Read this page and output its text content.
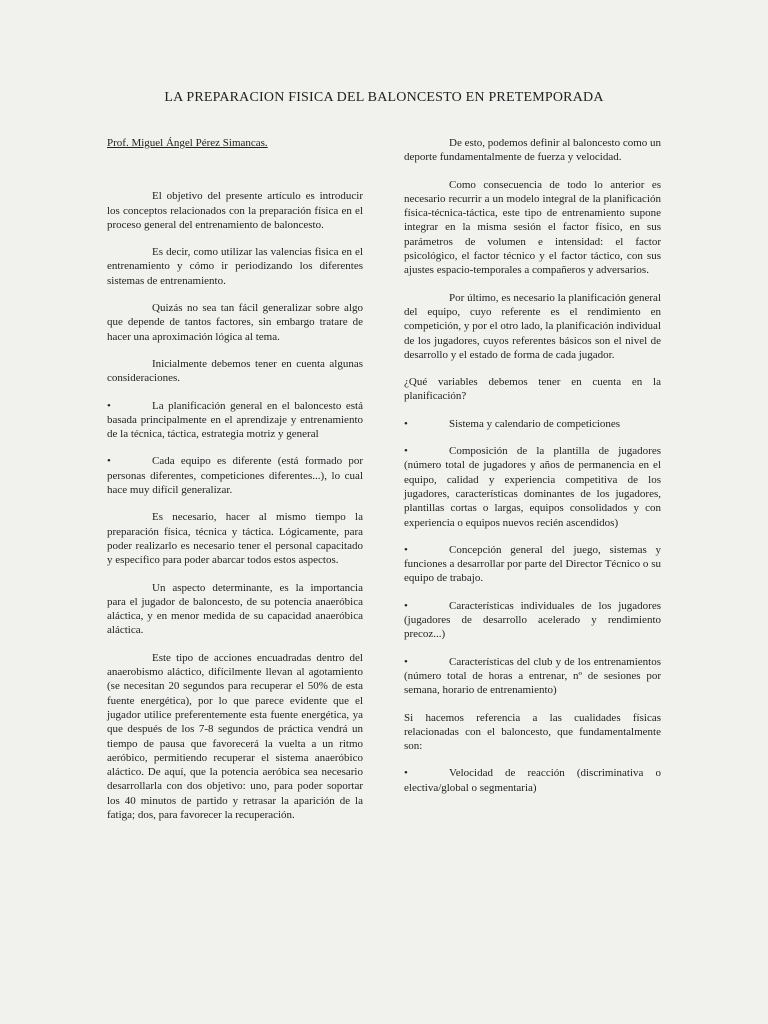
LA PREPARACION FISICA DEL BALONCESTO EN PRETEMPORADA

Prof. Miguel Ángel Pérez Simancas.

El objetivo del presente artículo es introducir los conceptos relacionados con la preparación física en el proceso general del entrenamiento de baloncesto.

Es decir, como utilizar las valencias fisica en el entrenamiento y cómo ir periodizando los diferentes sistemas de entrenamiento.

Quizás no sea tan fácil generalizar sobre algo que depende de tantos factores, sin embargo tratare de hacer una aproximación lógica al tema.

Inicialmente debemos tener en cuenta algunas consideraciones.

•	La planificación general en el baloncesto está basada principalmente en el aprendizaje y entrenamiento de la técnica, táctica, estrategia motriz y general

•	Cada equipo es diferente (está formado por personas diferentes, competiciones diferentes...), lo cual hace muy difícil generalizar.

Es necesario, hacer al mismo tiempo la preparación física, técnica y táctica. Lógicamente, para poder realizarlo es necesario tener el personal capacitado y específico para poder abarcar todos estos aspectos.

Un aspecto determinante, es la importancia para el jugador de baloncesto, de su potencia anaeróbica aláctica, y en menor medida de su capacidad anaeróbica aláctica.

Este tipo de acciones encuadradas dentro del anaerobismo aláctico, difícilmente llevan al agotamiento (se necesitan 20 segundos para recuperar el 50% de esta fuente energética), por lo que parece evidente que el jugador utilice preferentemente esta fuente energética, ya que después de los 7-8 segundos de práctica vendrá un tiempo de pausa que favorecerá la vuelta a un ritmo aeróbico, permitiendo recuperar el sistema anaeróbico aláctico. De aquí, que la potencia aeróbica sea necesario desarrollarla con dos objetivo: uno, para poder soportar los 40 minutos de partido y retrasar la aparición de la fatiga; dos, para favorecer la recuperación.

De esto, podemos definir al baloncesto como un deporte fundamentalmente de fuerza y velocidad.

Como consecuencia de todo lo anterior es necesario recurrir a un modelo integral de la planificación física-técnica-táctica, este tipo de entrenamiento supone integrar en la misma sesión el factor físico, en sus parámetros de volumen e intensidad: el factor psicológico, el factor técnico y el factor táctico, con sus ajustes espacio-temporales a compañeros y adversarios.

Por último, es necesario la planificación general del equipo, cuyo referente es el rendimiento en competición, y por el otro lado, la planificación individual de los jugadores, cuyos referentes básicos son el nivel de desarrollo y el estado de forma de cada jugador.

¿Qué variables debemos tener en cuenta en la planificación?

•	Sistema y calendario de competiciones

•	Composición de la plantilla de jugadores (número total de jugadores y años de permanencia en el equipo, calidad y experiencia competitiva de los jugadores, características dominantes de los jugadores, plantillas cortas o largas, equipos consolidados y con experiencia o equipos nuevos recién ascendidos)

•	Concepción general del juego, sistemas y funciones a desarrollar por parte del Director Técnico o su equipo de trabajo.

•	Características individuales de los jugadores (jugadores de desarrollo acelerado y rendimiento precoz...)

•	Características del club y de los entrenamientos (número total de horas a entrenar, nº de sesiones por semana, horario de entrenamiento)

Si hacemos referencia a las cualidades físicas relacionadas con el baloncesto, que fundamentalmente son:

•	Velocidad de reacción (discriminativa o electiva/global o segmentaria)
